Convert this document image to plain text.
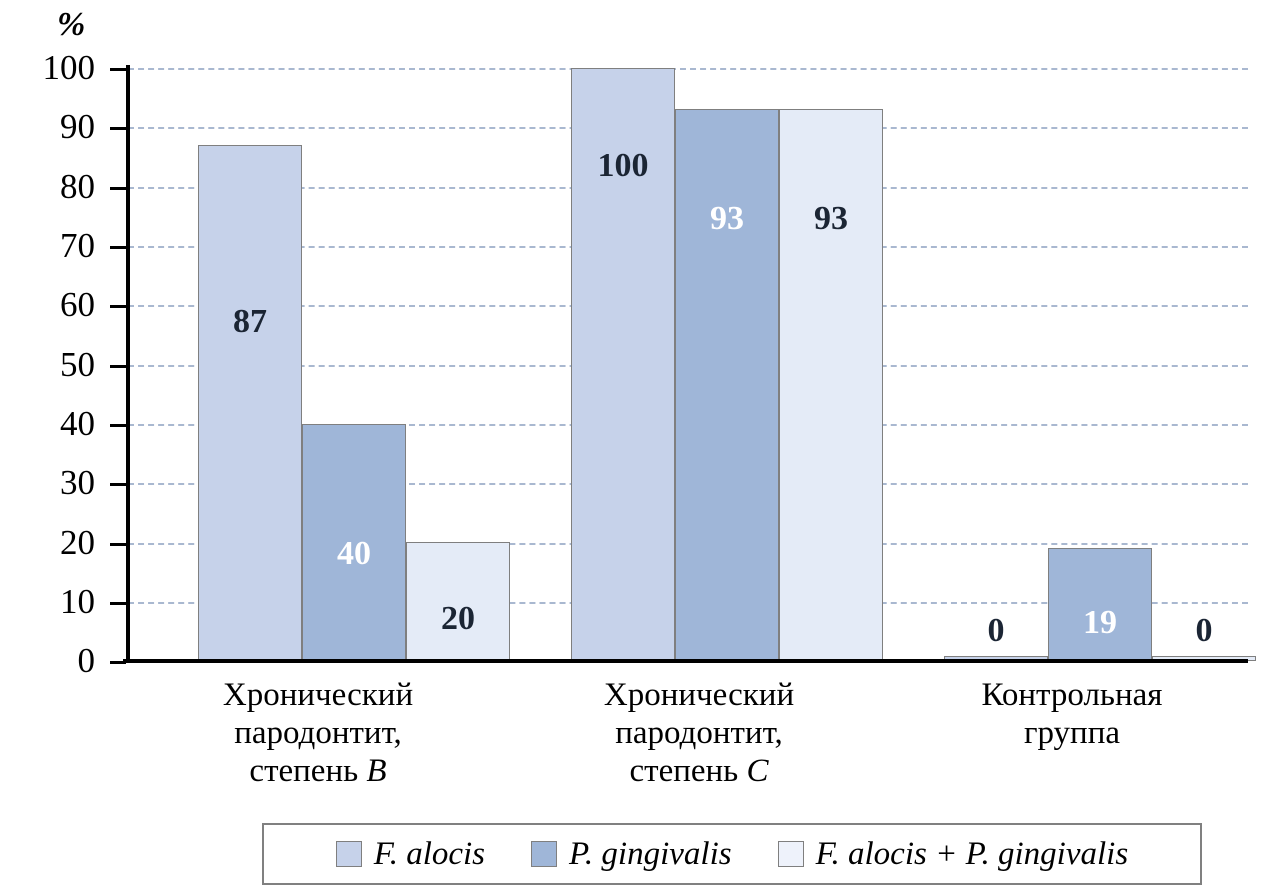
%
100
90
80
70
60
50
40
30
20
10
0
87
40
20
100
93	93
0	19	0
Хронический
пародонтит,
степень B
Хронический
пародонтит,
степень C
Контрольная
группа
F. alocis	P. gingivalis	F. alocis + P. gingivalis
